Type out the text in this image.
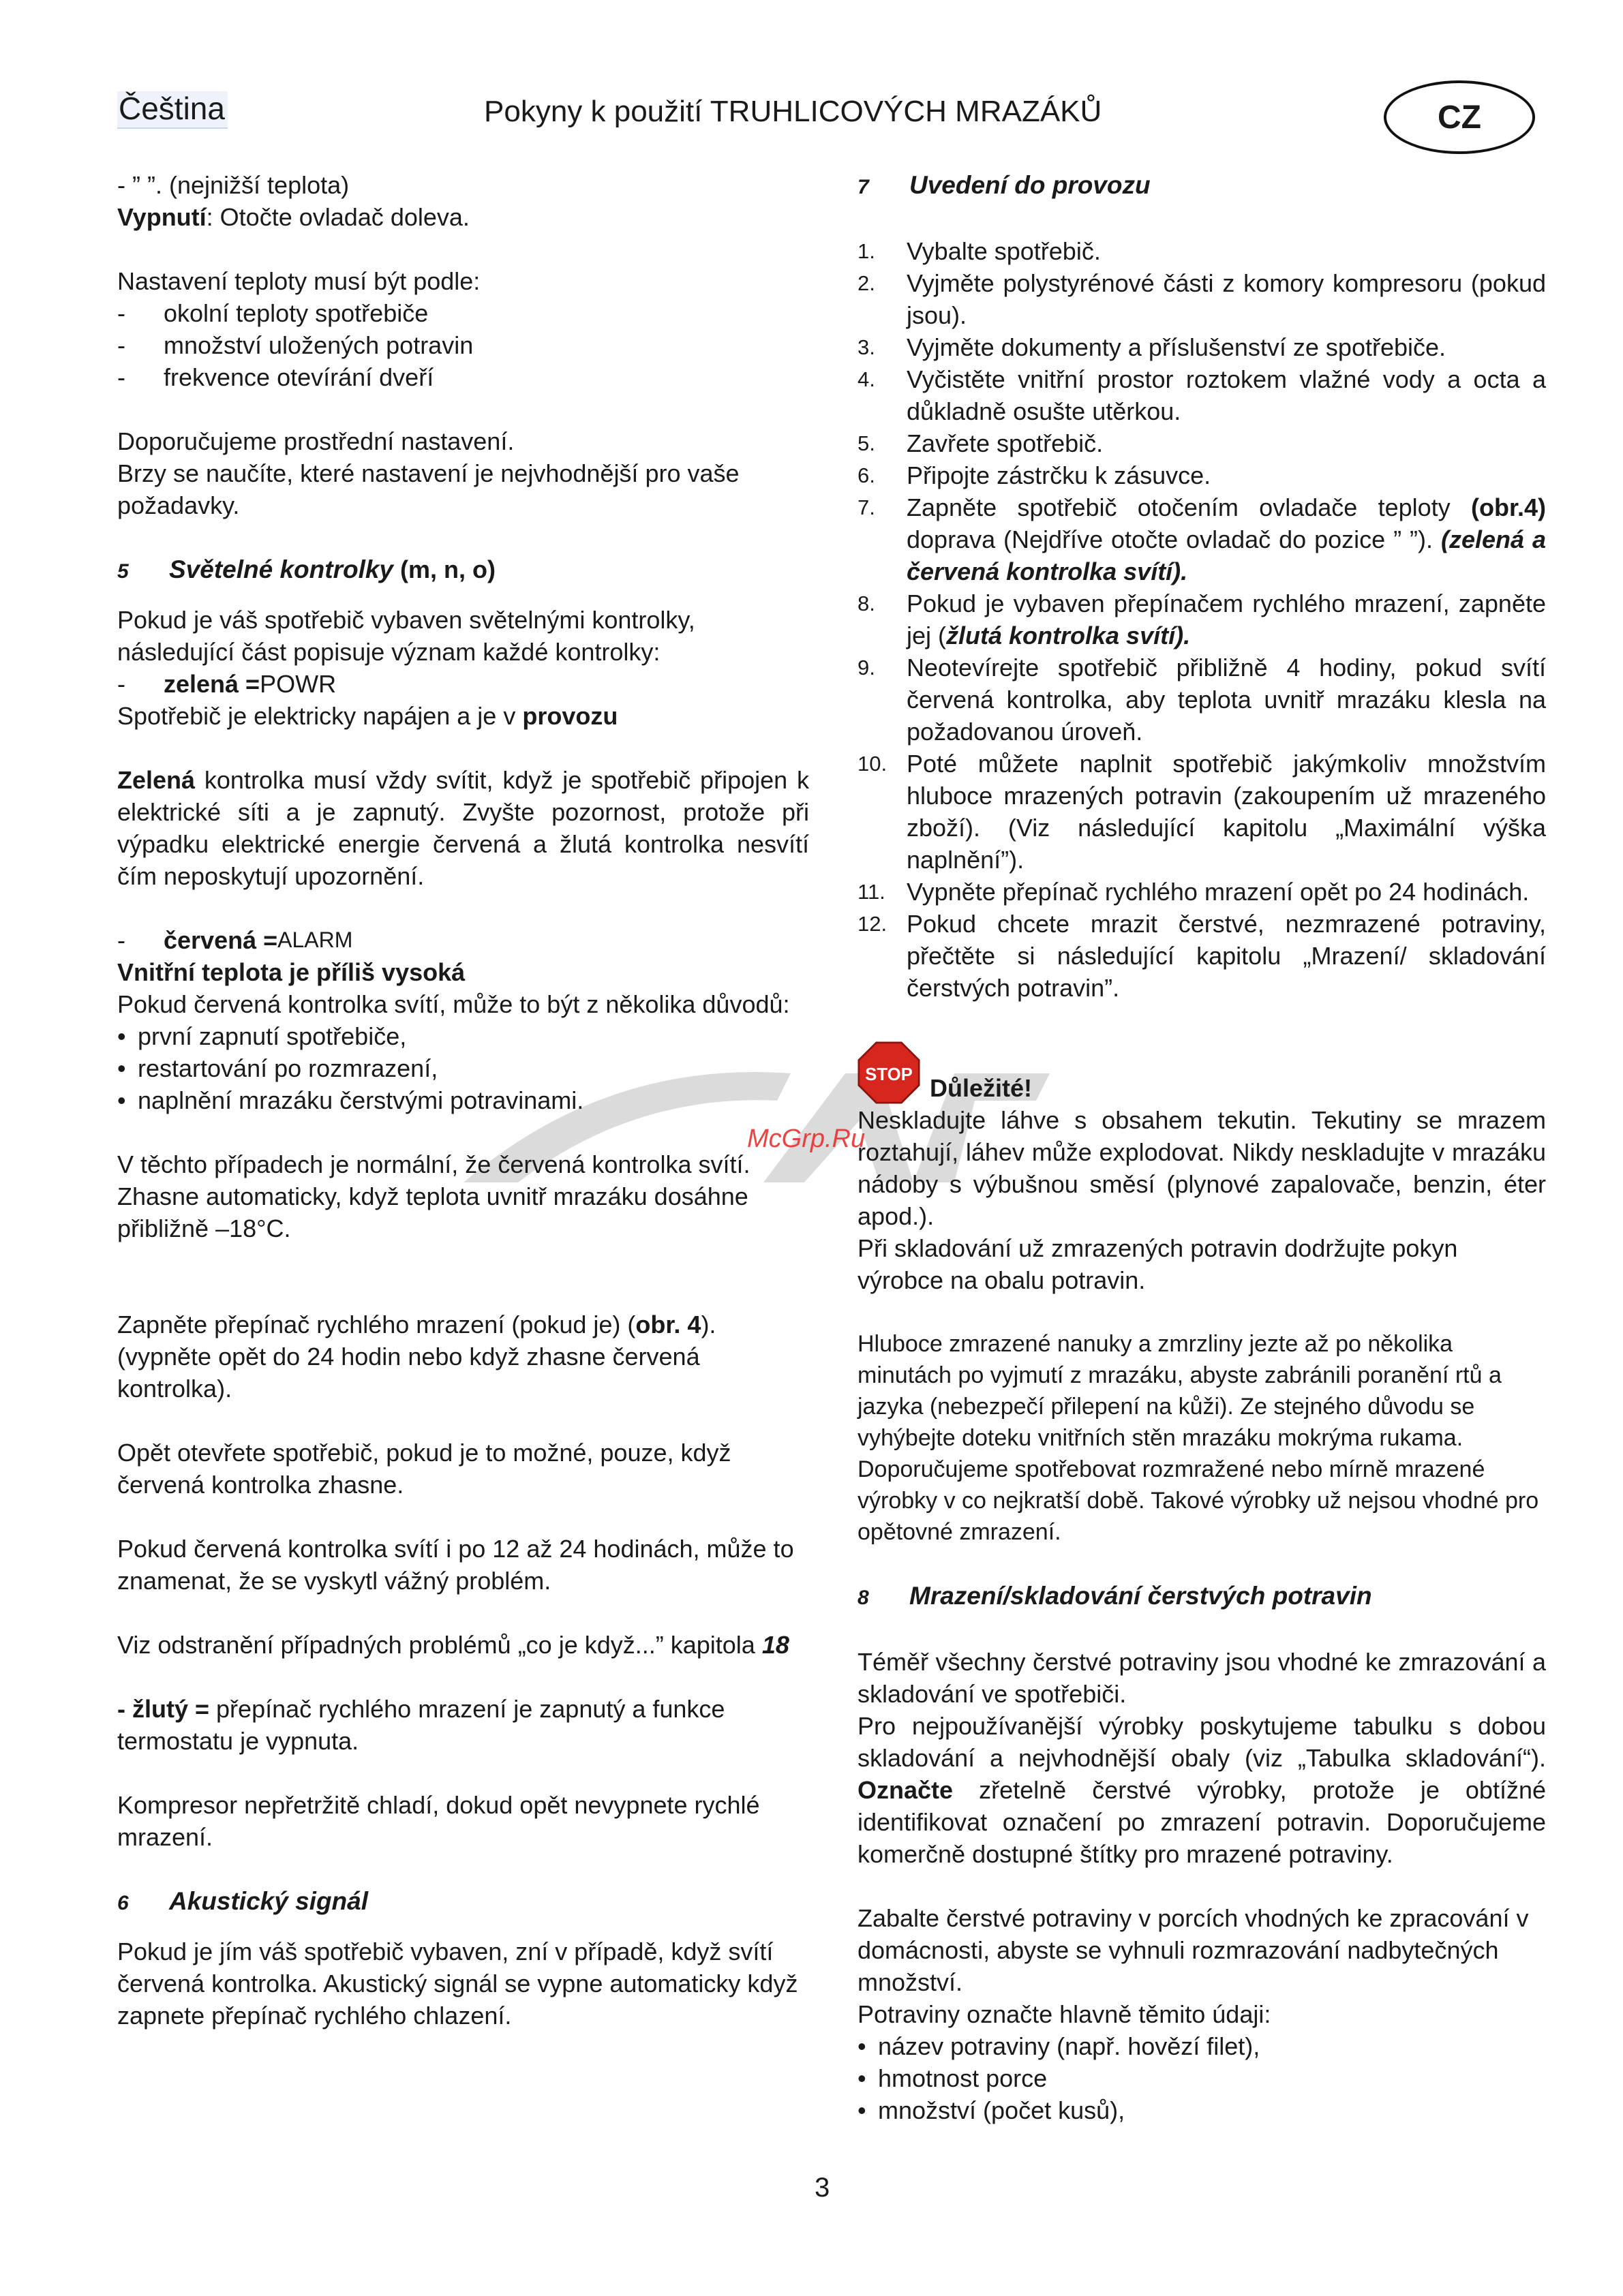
Čeština	Pokyny k použití TRUHLICOVÝCH MRAZÁKŮ	CZ
McGrp.Ru

- ” ”. (nejnižší teplota)

Vypnutí: Otočte ovladač doleva.

Nastavení teploty musí být podle:

-	okolní teploty spotřebiče
-	množství uložených potravin
-	frekvence otevírání dveří

Doporučujeme prostřední nastavení.

Brzy se naučíte, které nastavení je nejvhodnější pro vaše požadavky.

5	Světelné kontrolky (m, n, o)

Pokud je váš spotřebič vybaven světelnými kontrolky, následující část popisuje význam každé kontrolky:

-	zelená = POWR

Spotřebič je elektricky napájen a je v provozu

Zelená kontrolka musí vždy svítit, když je spotřebič připojen k elektrické síti a je zapnutý. Zvyšte pozornost, protože při výpadku elektrické energie červená a žlutá kontrolka nesvítí čím neposkytují upozornění.

-	červená = ALARM

Vnitřní teplota je příliš vysoká

Pokud červená kontrolka svítí, může to být z několika důvodů:

• první zapnutí spotřebiče,
• restartování po rozmrazení,
• naplnění mrazáku čerstvými potravinami.

V těchto případech je normální, že červená kontrolka svítí. Zhasne automaticky, když teplota uvnitř mrazáku dosáhne přibližně –18°C.

Zapněte přepínač rychlého mrazení (pokud je) (obr. 4). (vypněte opět do 24 hodin nebo když zhasne červená kontrolka).

Opět otevřete spotřebič, pokud je to možné, pouze, když červená kontrolka zhasne.

Pokud červená kontrolka svítí i po 12 až 24 hodinách, může to znamenat, že se vyskytl vážný problém.

Viz odstranění případných problémů „co je když...” kapitola 18

- žlutý = přepínač rychlého mrazení je zapnutý a funkce termostatu je vypnuta.

Kompresor nepřetržitě chladí, dokud opět nevypnete rychlé mrazení.

6	Akustický signál

Pokud je jím váš spotřebič vybaven, zní v případě, když svítí červená kontrolka. Akustický signál se vypne automaticky když zapnete přepínač rychlého chlazení.

7	Uvedení do provozu
1.	Vybalte spotřebič.
2.	Vyjměte polystyrénové části z komory kompresoru (pokud jsou).
3.	Vyjměte dokumenty a příslušenství ze spotřebiče.
4.	Vyčistěte vnitřní prostor roztokem vlažné vody a octa a důkladně osušte utěrkou.
5.	Zavřete spotřebič.
6.	Připojte zástrčku k zásuvce.
7.	Zapněte spotřebič otočením ovladače teploty (obr.4) doprava (Nejdříve otočte ovladač do pozice ” ”). (zelená a červená kontrolka svítí).
8.	Pokud je vybaven přepínačem rychlého mrazení, zapněte jej (žlutá kontrolka svítí).
9.	Neotevírejte spotřebič přibližně 4 hodiny, pokud svítí červená kontrolka, aby teplota uvnitř mrazáku klesla na požadovanou úroveň.
10. Poté můžete naplnit spotřebič jakýmkoliv množstvím hluboce mrazených potravin (zakoupením už mrazeného zboží). (Viz následující kapitolu „Maximální výška naplnění”).
11. Vypněte přepínač rychlého mrazení opět po 24 hodinách.
12. Pokud chcete mrazit čerstvé, nezmrazené potraviny, přečtěte si následující kapitolu „Mrazení/ skladování čerstvých potravin”.
STOP Důležité!

Neskladujte láhve s obsahem tekutin. Tekutiny se mrazem roztahují, láhev může explodovat. Nikdy neskladujte v mrazáku nádoby s výbušnou směsí (plynové zapalovače, benzin, éter apod.).

Při skladování už zmrazených potravin dodržujte pokyn výrobce na obalu potravin.

Hluboce zmrazené nanuky a zmrzliny jezte až po několika minutách po vyjmutí z mrazáku, abyste zabránili poranění rtů a jazyka (nebezpečí přilepení na kůži). Ze stejného důvodu se vyhýbejte doteku vnitřních stěn mrazáku mokrýma rukama. Doporučujeme spotřebovat rozmražené nebo mírně mrazené výrobky v co nejkratší době. Takové výrobky už nejsou vhodné pro opětovné zmrazení.

8	Mrazení/skladování čerstvých potravin

Téměř všechny čerstvé potraviny jsou vhodné ke zmrazování a skladování ve spotřebiči.

Pro nejpoužívanější výrobky poskytujeme tabulku s dobou skladování a nejvhodnější obaly (viz „Tabulka skladování“). Označte zřetelně čerstvé výrobky, protože je obtížné identifikovat označení po zmrazení potravin. Doporučujeme komerčně dostupné štítky pro mrazené potraviny.

Zabalte čerstvé potraviny v porcích vhodných ke zpracování v domácnosti, abyste se vyhnuli rozmrazování nadbytečných množství.

Potraviny označte hlavně těmito údaji:

• název potraviny (např. hovězí filet),
• hmotnost porce
• množství (počet kusů),
3
